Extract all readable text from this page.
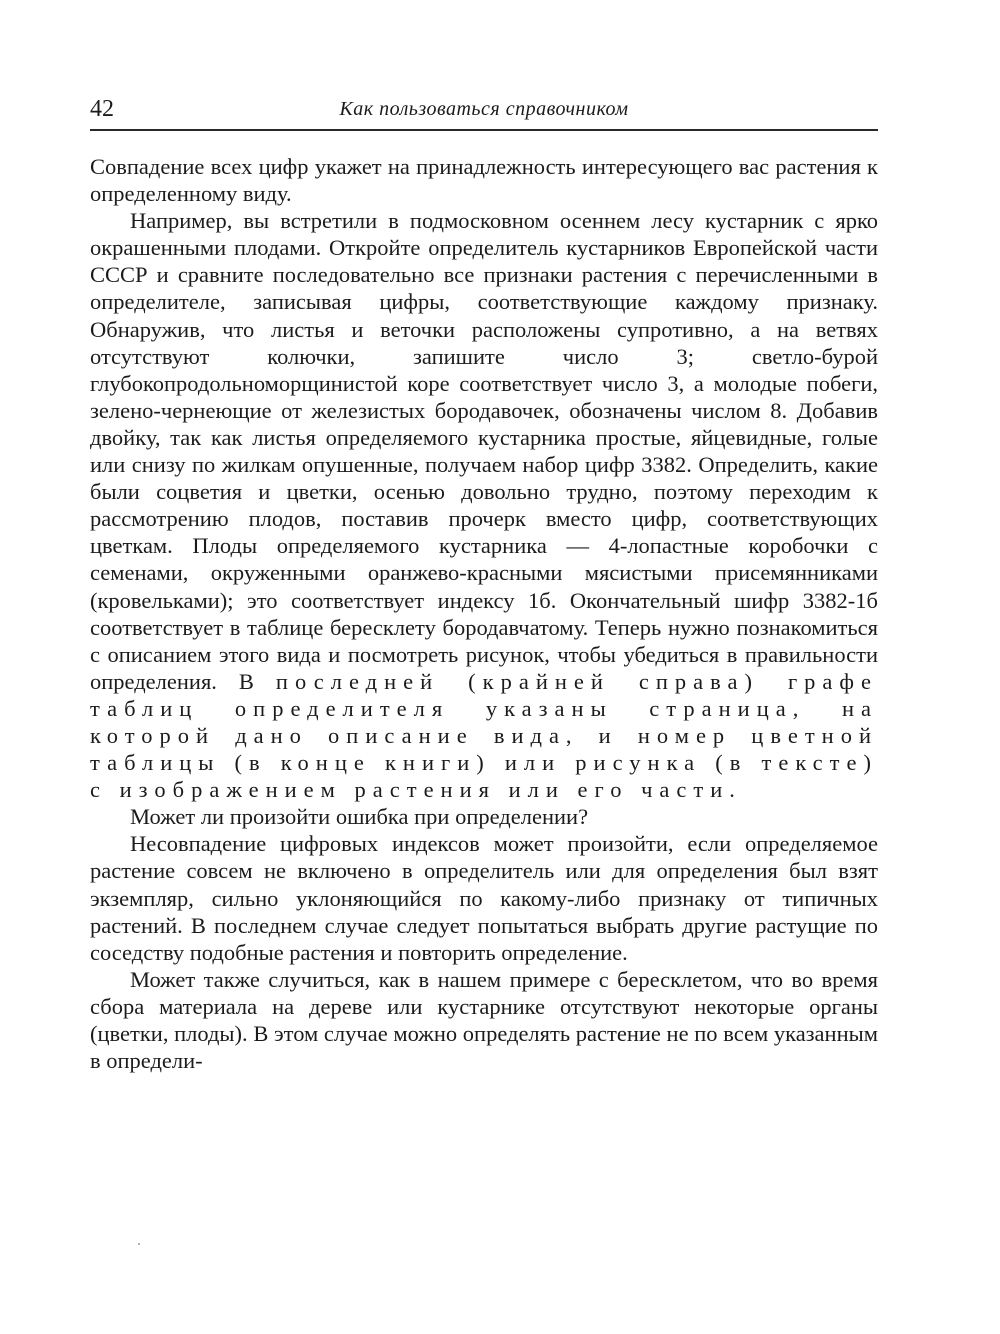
42	Как пользоваться справочником

Совпадение всех цифр укажет на принадлежность интересующего вас растения к определенному виду.

Например, вы встретили в подмосковном осеннем лесу кустарник с ярко окрашенными плодами. Откройте определитель кустарников Европейской части СССР и сравните последовательно все признаки растения с перечисленными в определителе, записывая цифры, соответствующие каждому признаку. Обнаружив, что листья и веточки расположены супротивно, а на ветвях отсутствуют колючки, запишите число 3; светло-бурой глубокопродольноморщинистой коре соответствует число 3, а молодые побеги, зелено-чернеющие от железистых бородавочек, обозначены числом 8. Добавив двойку, так как листья определяемого кустарника простые, яйцевидные, голые или снизу по жилкам опушенные, получаем набор цифр 3382. Определить, какие были соцветия и цветки, осенью довольно трудно, поэтому переходим к рассмотрению плодов, поставив прочерк вместо цифр, соответствующих цветкам. Плоды определяемого кустарника — 4-лопастные коробочки с семенами, окруженными оранжево-красными мясистыми присемянниками (кровельками); это соответствует индексу 1б. Окончательный шифр 3382-1б соответствует в таблице бересклету бородавчатому. Теперь нужно познакомиться с описанием этого вида и посмотреть рисунок, чтобы убедиться в правильности определения. В последней (крайней справа) графе таблиц определителя указаны страница, на которой дано описание вида, и номер цветной таблицы (в конце книги) или рисунка (в тексте) с изображением растения или его части.

Может ли произойти ошибка при определении?

Несовпадение цифровых индексов может произойти, если определяемое растение совсем не включено в определитель или для определения был взят экземпляр, сильно уклоняющийся по какому-либо признаку от типичных растений. В последнем случае следует попытаться выбрать другие растущие по соседству подобные растения и повторить определение.

Может также случиться, как в нашем примере с бересклетом, что во время сбора материала на дереве или кустарнике отсутствуют некоторые органы (цветки, плоды). В этом случае можно определять растение не по всем указанным в определи-
